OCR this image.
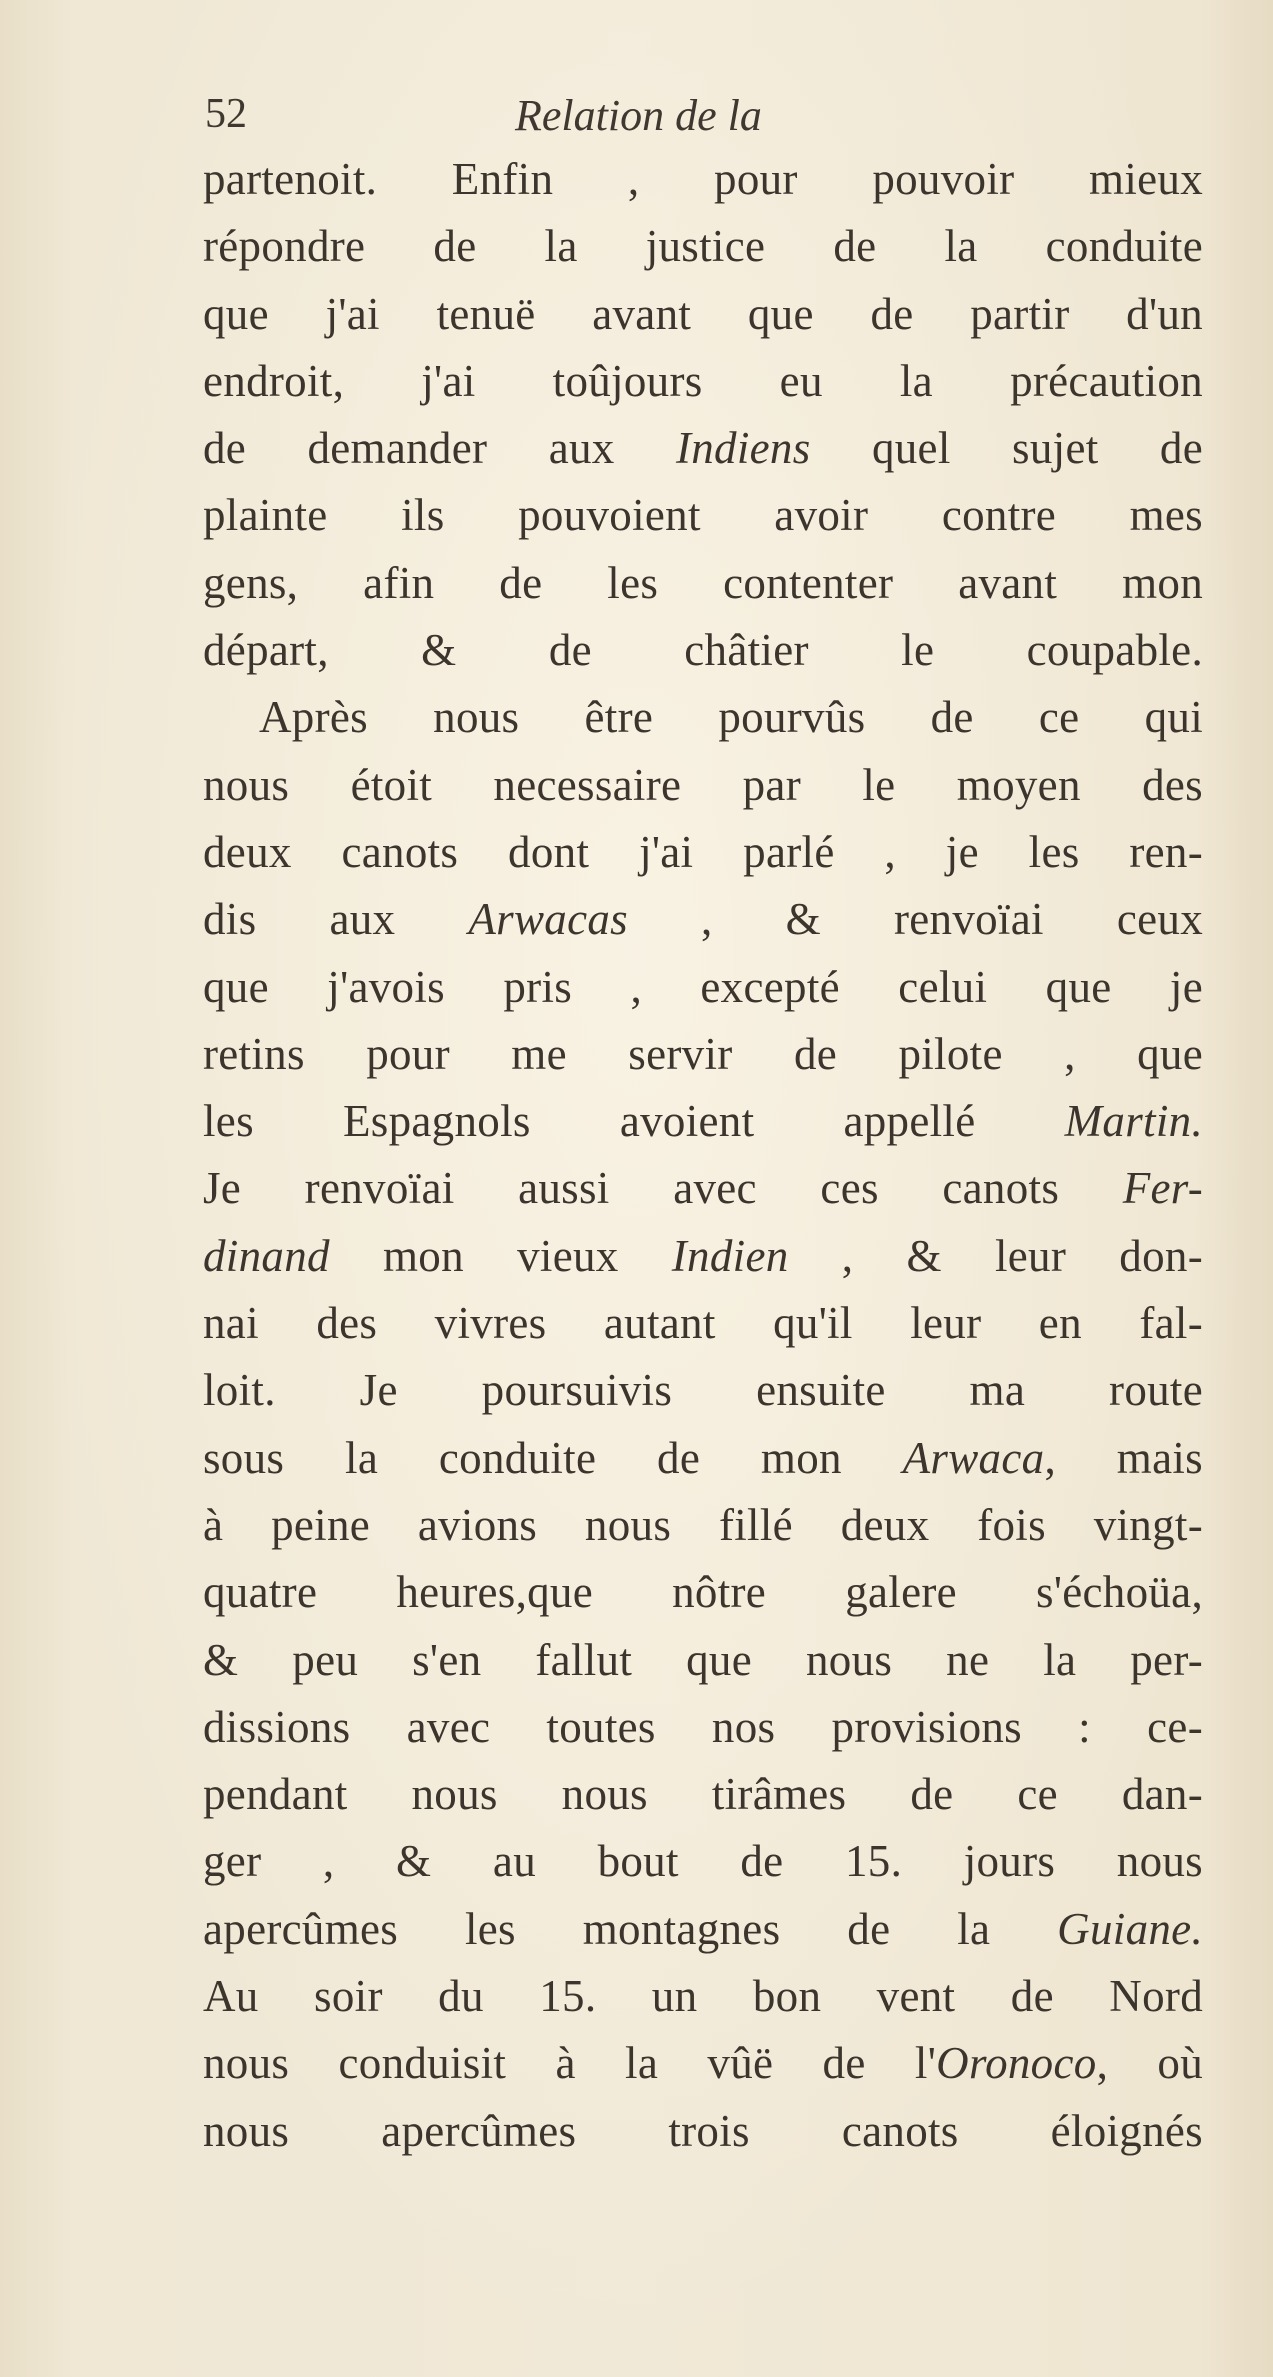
52	Relation de la
partenoit. Enfin , pour pouvoir mieux
répondre de la justice de la conduite
que j'ai tenuë avant que de partir d'un
endroit, j'ai toûjours eu la précaution
de demander aux Indiens quel sujet de
plainte ils pouvoient avoir contre mes
gens, afin de les contenter avant mon
départ, & de châtier le coupable.
Après nous être pourvûs de ce qui
nous étoit necessaire par le moyen des
deux canots dont j'ai parlé , je les ren-
dis aux Arwacas , & renvoïai ceux
que j'avois pris , excepté celui que je
retins pour me servir de pilote , que
les Espagnols avoient appellé Martin.
Je renvoïai aussi avec ces canots Fer-
dinand mon vieux Indien , & leur don-
nai des vivres autant qu'il leur en fal-
loit. Je poursuivis ensuite ma route
sous la conduite de mon Arwaca, mais
à peine avions nous fillé deux fois vingt-
quatre heures,que nôtre galere s'échoüa,
& peu s'en fallut que nous ne la per-
dissions avec toutes nos provisions : ce-
pendant nous nous tirâmes de ce dan-
ger , & au bout de 15. jours nous
apercûmes les montagnes de la Guiane.
Au soir du 15. un bon vent de Nord
nous conduisit à la vûë de l'Oronoco, où
nous apercûmes trois canots éloignés
